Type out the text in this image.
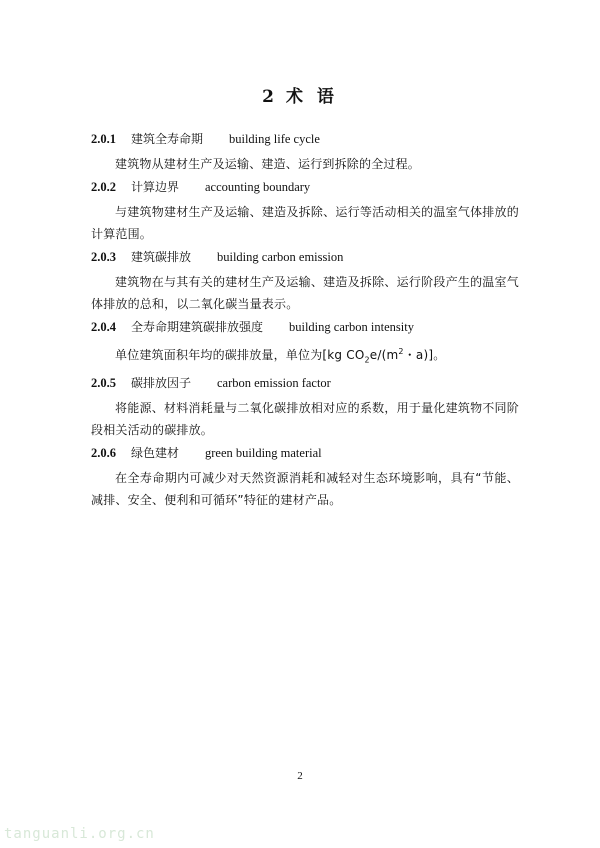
2 术 语
2.0.1 建筑全寿命期 building life cycle
建筑物从建材生产及运输、建造、运行到拆除的全过程。
2.0.2 计算边界 accounting boundary
与建筑物建材生产及运输、建造及拆除、运行等活动相关的温室气体排放的计算范围。
2.0.3 建筑碳排放 building carbon emission
建筑物在与其有关的建材生产及运输、建造及拆除、运行阶段产生的温室气体排放的总和，以二氧化碳当量表示。
2.0.4 全寿命期建筑碳排放强度 building carbon intensity
单位建筑面积年均的碳排放量，单位为[kg $CO_2e/(m^2$・a)]。
2.0.5 碳排放因子 carbon emission factor
将能源、材料消耗量与二氧化碳排放相对应的系数，用于量化建筑物不同阶段相关活动的碳排放。
2.0.6 绿色建材 green building material
在全寿命期内可减少对天然资源消耗和减轻对生态环境影响，具有“节能、减排、安全、便利和可循环”特征的建材产品。
2
tanguanli.org.cn
